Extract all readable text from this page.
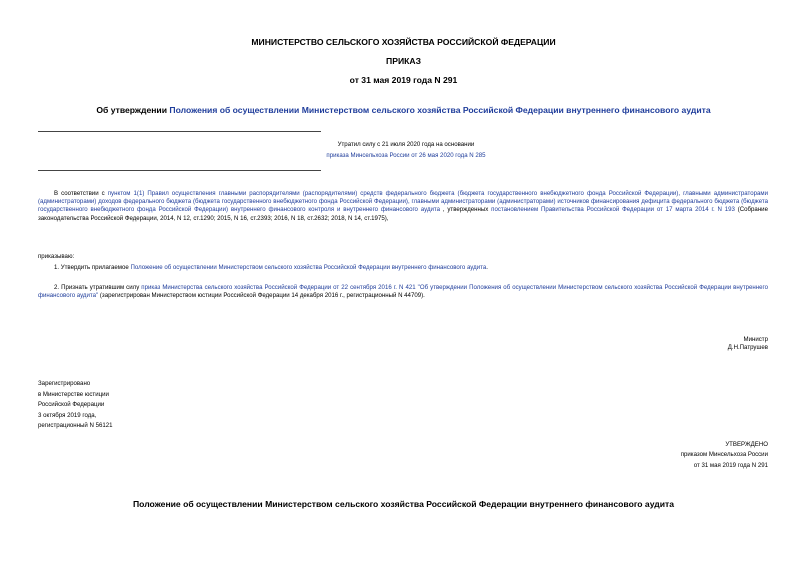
МИНИСТЕРСТВО СЕЛЬСКОГО ХОЗЯЙСТВА РОССИЙСКОЙ ФЕДЕРАЦИИ
ПРИКАЗ
от 31 мая 2019 года N 291
Об утверждении Положения об осуществлении Министерством сельского хозяйства Российской Федерации внутреннего финансового аудита
Утратил силу с 21 июля 2020 года на основании
приказа Минсельхоза России от 26 мая 2020 года N 285
В соответствии с пунктом 1(1) Правил осуществления главными распорядителями (распорядителями) средств федерального бюджета (бюджета государственного внебюджетного фонда Российской Федерации), главными администраторами (администраторами) доходов федерального бюджета (бюджета государственного внебюджетного фонда Российской Федерации), главными администраторами (администраторами) источников финансирования дефицита федерального бюджета (бюджета государственного внебюджетного фонда Российской Федерации) внутреннего финансового контроля и внутреннего финансового аудита , утвержденных постановлением Правительства Российской Федерации от 17 марта 2014 г. N 193 (Собрание законодательства Российской Федерации, 2014, N 12, ст.1290; 2015, N 16, ст.2393; 2016, N 18, ст.2632; 2018, N 14, ст.1975),
приказываю:
1. Утвердить прилагаемое Положение об осуществлении Министерством сельского хозяйства Российской Федерации внутреннего финансового аудита.
2. Признать утратившим силу приказ Министерства сельского хозяйства Российской Федерации от 22 сентября 2016 г. N 421 "Об утверждении Положения об осуществлении Министерством сельского хозяйства Российской Федерации внутреннего финансового аудита" (зарегистрирован Министерством юстиции Российской Федерации 14 декабря 2016 г., регистрационный N 44709).
Министр
Д.Н.Патрушев
Зарегистрировано
в Министерстве юстиции
Российской Федерации
3 октября 2019 года,
регистрационный N 56121
УТВЕРЖДЕНО
приказом Минсельхоза России
от 31 мая 2019 года N 291
Положение об осуществлении Министерством сельского хозяйства Российской Федерации внутреннего финансового аудита
